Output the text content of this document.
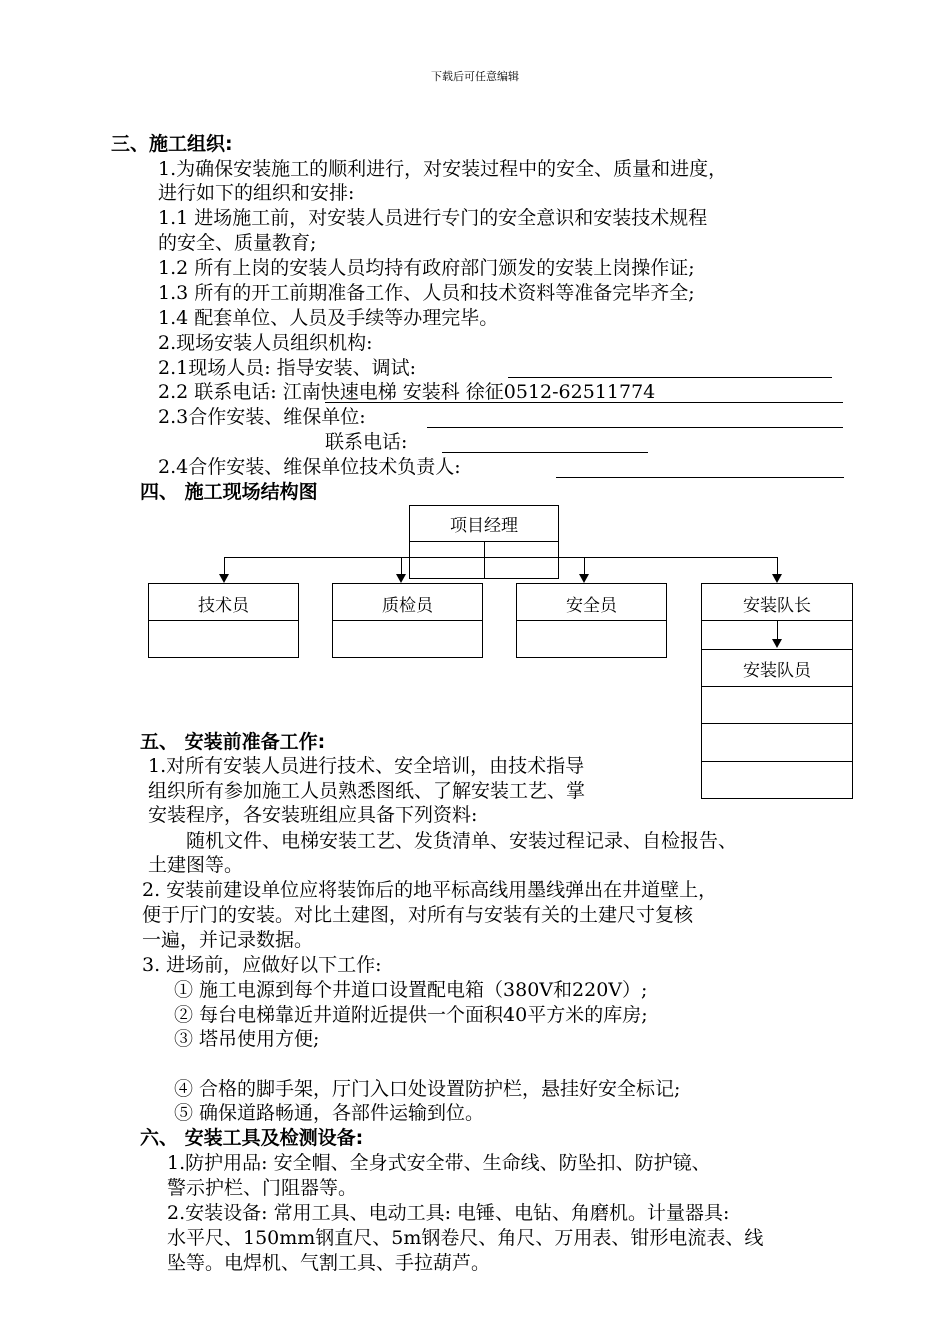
下载后可任意编辑
三、施工组织:
1.为确保安装施工的顺利进行，对安装过程中的安全、质量和进度，
进行如下的组织和安排:
1.1 进场施工前，对安装人员进行专门的安全意识和安装技术规程
的安全、质量教育;
1.2 所有上岗的安装人员均持有政府部门颁发的安装上岗操作证;
1.3 所有的开工前期准备工作、人员和技术资料等准备完毕齐全;
1.4 配套单位、人员及手续等办理完毕。
2.现场安装人员组织机构:
2.1现场人员: 指导安装、调试:
2.2 联系电话: 江南快速电梯 安装科 徐征0512-62511774
2.3合作安装、维保单位:
联系电话:
2.4合作安装、维保单位技术负责人:
四、 施工现场结构图
项目经理
技术员	质检员	安全员	安装队长
安装队员
五、 安装前准备工作:
1.对所有安装人员进行技术、安全培训，由技术指导
组织所有参加施工人员熟悉图纸、了解安装工艺、掌
安装程序，各安装班组应具备下列资料:
随机文件、电梯安装工艺、发货清单、安装过程记录、自检报告、
土建图等。
2. 安装前建设单位应将装饰后的地平标高线用墨线弹出在井道壁上，
便于厅门的安装。对比土建图，对所有与安装有关的土建尺寸复核
一遍，并记录数据。
3. 进场前，应做好以下工作:
① 施工电源到每个井道口设置配电箱（380V和220V）;
② 每台电梯靠近井道附近提供一个面积40平方米的库房;
③ 塔吊使用方便;
④ 合格的脚手架，厅门入口处设置防护栏，悬挂好安全标记;
⑤ 确保道路畅通，各部件运输到位。
六、 安装工具及检测设备:
1.防护用品: 安全帽、全身式安全带、生命线、防坠扣、防护镜、
警示护栏、门阻器等。
2.安装设备: 常用工具、电动工具: 电锤、电钻、角磨机。计量器具:
水平尺、150mm钢直尺、5m钢卷尺、角尺、万用表、钳形电流表、线
坠等。电焊机、气割工具、手拉葫芦。
